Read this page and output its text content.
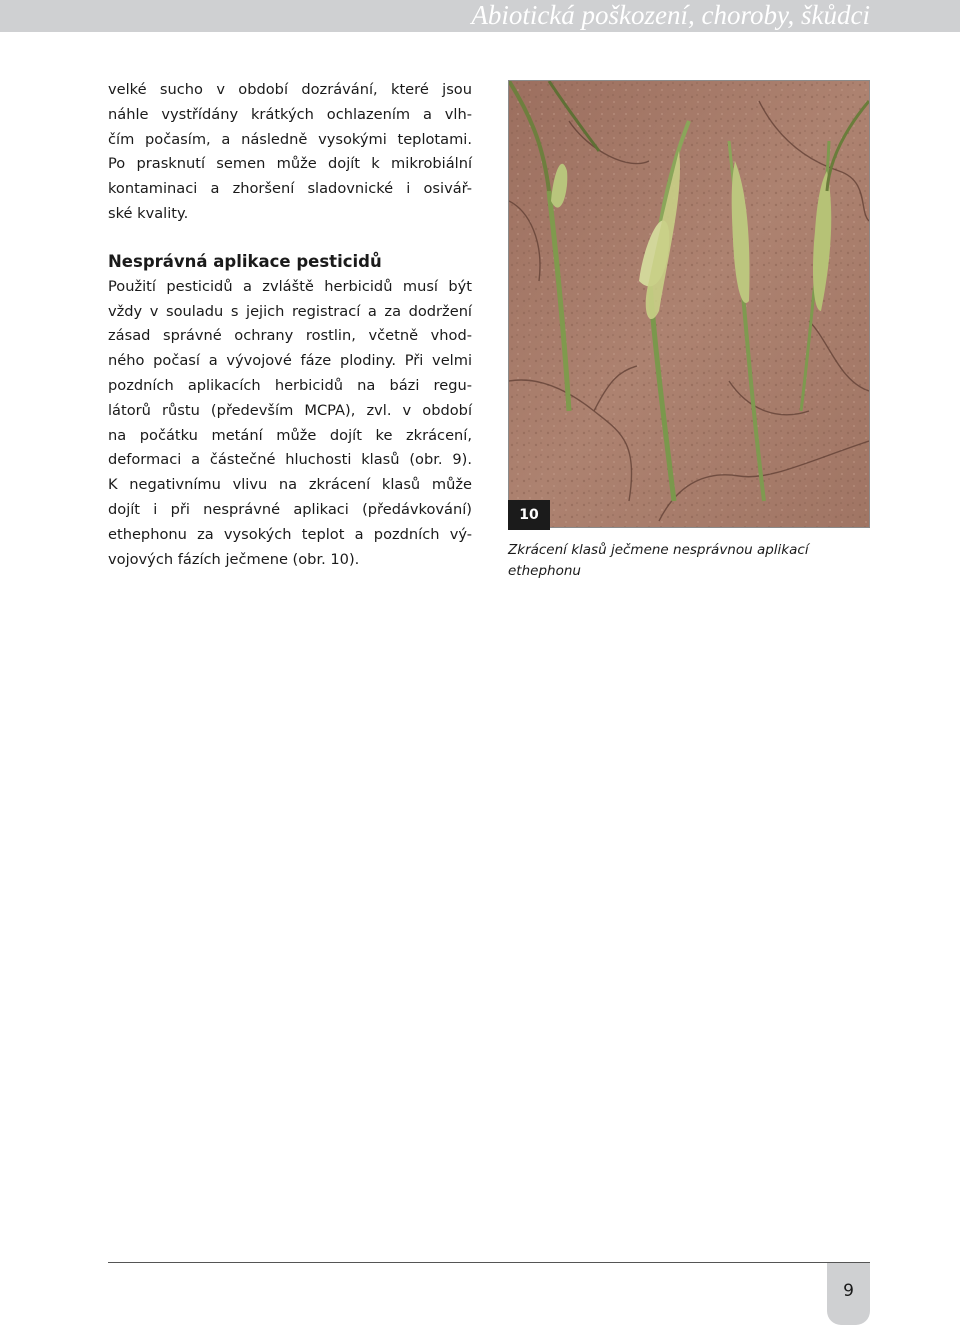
Abiotická poškození, choroby, škůdci

velké sucho v období dozrávání, které jsou

náhle vystřídány krátkých ochlazením a vlh-

čím počasím, a následně vysokými teplotami.

Po prasknutí semen může dojít k mikrobiální

kontaminaci a zhoršení sladovnické i osivář-

ské kvality.

Nesprávná aplikace pesticidů

Použití pesticidů a zvláště herbicidů musí být

vždy v souladu s jejich registrací a za dodržení

zásad správné ochrany rostlin, včetně vhod-

ného počasí a vývojové fáze plodiny. Při velmi

pozdních aplikacích herbicidů na bázi regu-

látorů růstu (především MCPA), zvl. v období

na počátku metání může dojít ke zkrácení,

deformaci a částečné hluchosti klasů (obr. 9).

K negativnímu vlivu na zkrácení klasů může

dojít i při nesprávné aplikaci (předávkování)

ethephonu za vysokých teplot a pozdních vý-

vojových fázích ječmene (obr. 10).

10
Zkrácení klasů ječmene nesprávnou aplikací
ethephonu
9
